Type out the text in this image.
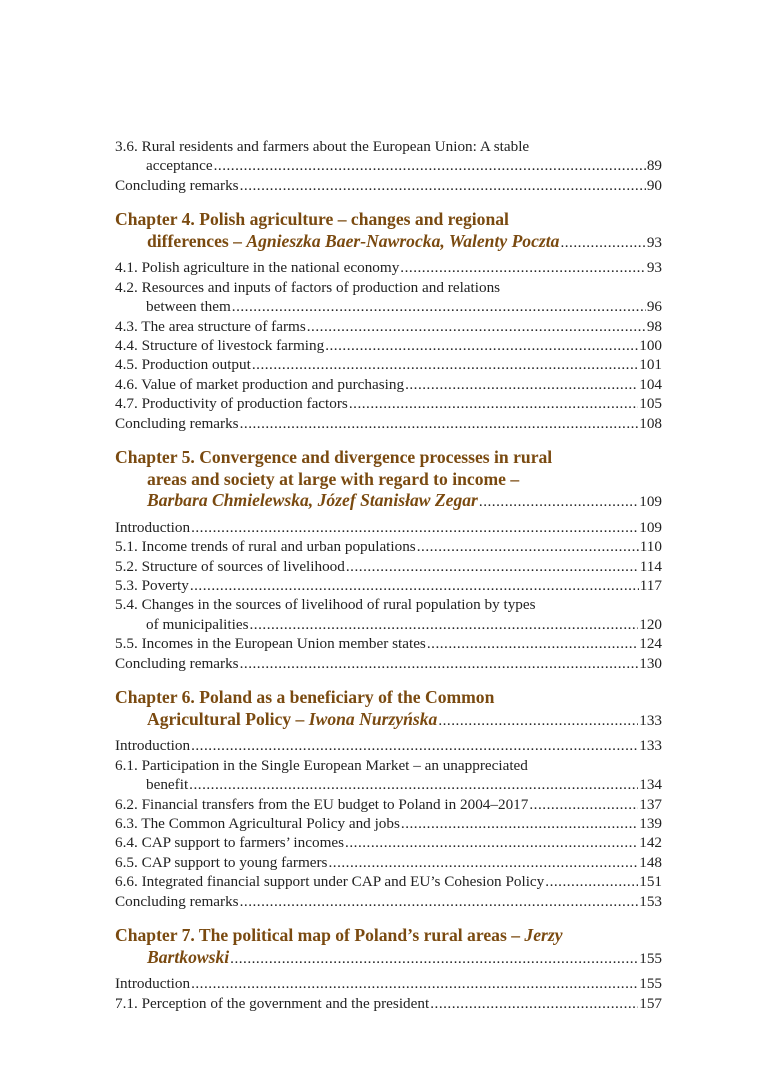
3.6. Rural residents and farmers about the European Union: A stable
acceptance .....	89
Concluding remarks .....	90
Chapter 4. Polish agriculture – changes and regional
differences – Agnieszka Baer-Nawrocka, Walenty Poczta .....	93
4.1. Polish agriculture in the national economy .....	93
4.2. Resources and inputs of factors of production and relations
between them .....	96
4.3. The area structure of farms .....	98
4.4. Structure of livestock farming .....	100
4.5. Production output .....	101
4.6. Value of market production and purchasing .....	104
4.7. Productivity of production factors .....	105
Concluding remarks .....	108
Chapter 5. Convergence and divergence processes in rural
areas and society at large with regard to income –
Barbara Chmielewska, Józef Stanisław Zegar .....	109
Introduction .....	109
5.1. Income trends of rural and urban populations .....	110
5.2. Structure of sources of livelihood .....	114
5.3. Poverty .....	117
5.4. Changes in the sources of livelihood of rural population by types
of municipalities .....	120
5.5. Incomes in the European Union member states .....	124
Concluding remarks .....	130
Chapter 6. Poland as a beneficiary of the Common
Agricultural Policy – Iwona Nurzyńska .....	133
Introduction .....	133
6.1. Participation in the Single European Market – an unappreciated
benefit .....	134
6.2. Financial transfers from the EU budget to Poland in 2004–2017 .....	137
6.3. The Common Agricultural Policy and jobs .....	139
6.4. CAP support to farmers’ incomes .....	142
6.5. CAP support to young farmers .....	148
6.6. Integrated financial support under CAP and EU’s Cohesion Policy .....	151
Concluding remarks .....	153
Chapter 7. The political map of Poland’s rural areas – Jerzy
Bartkowski .....	155
Introduction .....	155
7.1. Perception of the government and the president .....	157
